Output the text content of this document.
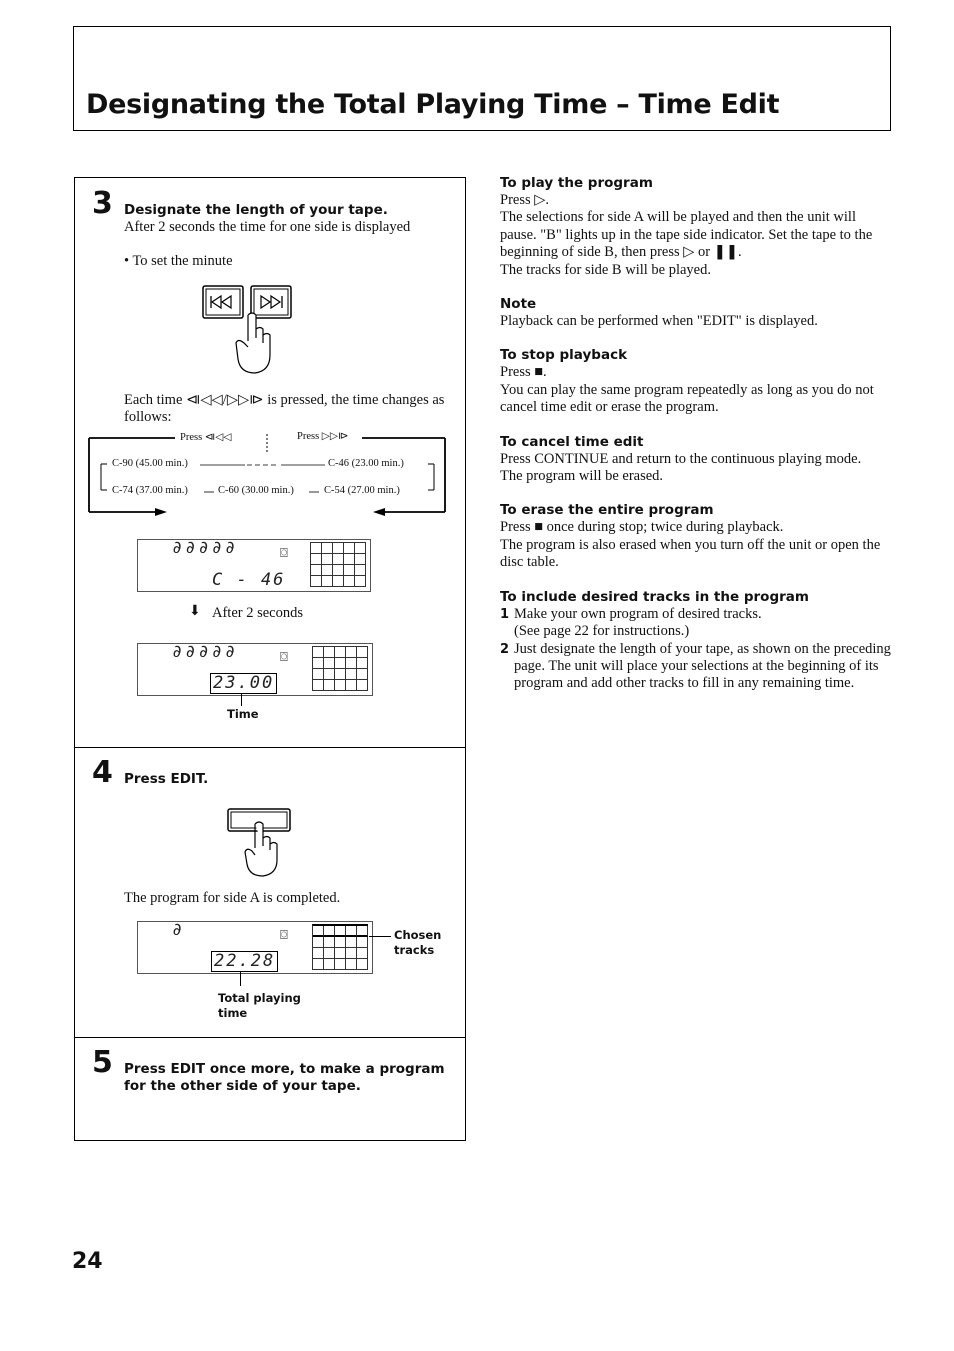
Designating the Total Playing Time – Time Edit
3 Designate the length of your tape.
After 2 seconds the time for one side is displayed
• To set the minute
Each time ⧏◁◁/▷▷⧐ is pressed, the time changes as follows:
Press ⧏◁◁	Press ▷▷⧐
C-90 (45.00 min.)	C-46 (23.00 min.)
C-74 (37.00 min.)	C-60 (30.00 min.)	C-54 (27.00 min.)
∂∂∂∂∂	⌼
C - 46
⬇ After 2 seconds
∂∂∂∂∂	⌼
23.00
Time
4 Press EDIT.
The program for side A is completed.
∂	⌼
22.28
Chosen tracks
Total playing time
5 Press EDIT once more, to make a program for the other side of your tape.

To play the program

Press ▷.

The selections for side A will be played and then the unit will pause. "B" lights up in the tape side indicator. Set the tape to the beginning of side B, then press ▷ or ❚❚.

The tracks for side B will be played.

Note

Playback can be performed when "EDIT" is displayed.

To stop playback

Press ■.

You can play the same program repeatedly as long as you do not cancel time edit or erase the program.

To cancel time edit

Press CONTINUE and return to the continuous playing mode.

The program will be erased.

To erase the entire program

Press ■ once during stop; twice during playback.

The program is also erased when you turn off the unit or open the disc table.

To include desired tracks in the program

1 Make your own program of desired tracks.
(See page 22 for instructions.)
2 Just designate the length of your tape, as shown on the preceding page. The unit will place your selections at the beginning of its program and add other tracks to fill in any remaining time.
24
